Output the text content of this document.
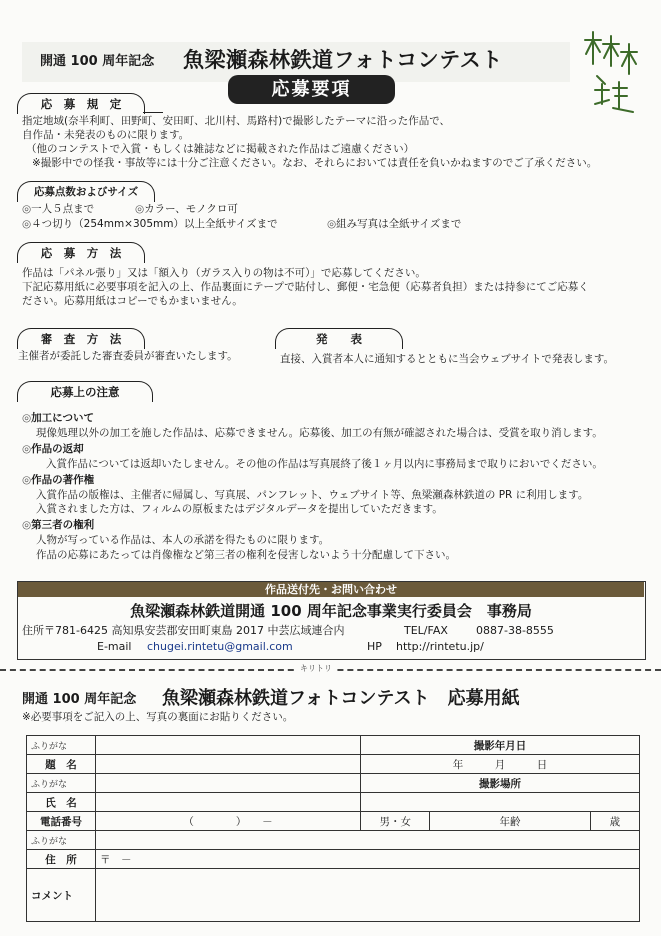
開通 100 周年記念 魚梁瀬森林鉄道フォトコンテスト
応募要項
応　募　規　定
指定地域(奈半利町、田野町、安田町、北川村、馬路村)で撮影したテーマに沿った作品で、
自作品・未発表のものに限ります。
（他のコンテストで入賞・もしくは雑誌などに掲載された作品はご遠慮ください）
※撮影中での怪我・事故等には十分ご注意ください。なお、それらにおいては責任を負いかねますのでご了承ください。
応募点数およびサイズ
◎一人５点まで	◎カラー、モノクロ可
◎４つ切り（254mm×305mm）以上全紙サイズまで	◎組み写真は全紙サイズまで
応　募　方　法
作品は「パネル張り」又は「額入り（ガラス入りの物は不可）」で応募してください。
下記応募用紙に必要事項を記入の上、作品裏面にテープで貼付し、郵便・宅急便（応募者負担）または持参にてご応募く
ださい。応募用紙はコピーでもかまいません。
審　査　方　法
主催者が委託した審査委員が審査いたします。
発　　表
直接、入賞者本人に通知するとともに当会ウェブサイトで発表します。
応募上の注意
◎加工について
現像処理以外の加工を施した作品は、応募できません。応募後、加工の有無が確認された場合は、受賞を取り消します。
◎作品の返却
入賞作品については返却いたしません。その他の作品は写真展終了後１ヶ月以内に事務局まで取りにおいでください。
◎作品の著作権
入賞作品の版権は、主催者に帰属し、写真展、パンフレット、ウェブサイト等、魚梁瀬森林鉄道の PR に利用します。
入賞されました方は、フィルムの原板またはデジタルデータを提出していただきます。
◎第三者の権利
人物が写っている作品は、本人の承諾を得たものに限ります。
作品の応募にあたっては肖像権など第三者の権利を侵害しないよう十分配慮して下さい。
作品送付先・お問い合わせ
魚梁瀬森林鉄道開通 100 周年記念事業実行委員会　事務局
住所〒781-6425 高知県安芸郡安田町東島 2017 中芸広域連合内	TEL/FAX	0887-38-8555
E-mail chugei.rintetu@gmail.com	HP http://rintetu.jp/
キリトリ
開通 100 周年記念 魚梁瀬森林鉄道フォトコンテスト　応募用紙
※必要事項をご記入の上、写真の裏面にお貼りください。
ふりがな		撮影年月日		
題　名		年　　　月　　　日		
ふりがな		撮影場所		
氏　名				
電話番号	（　　　　）　　－	男・女	年齢	歳
ふりがな				
住　所	〒　－			
コメント				
